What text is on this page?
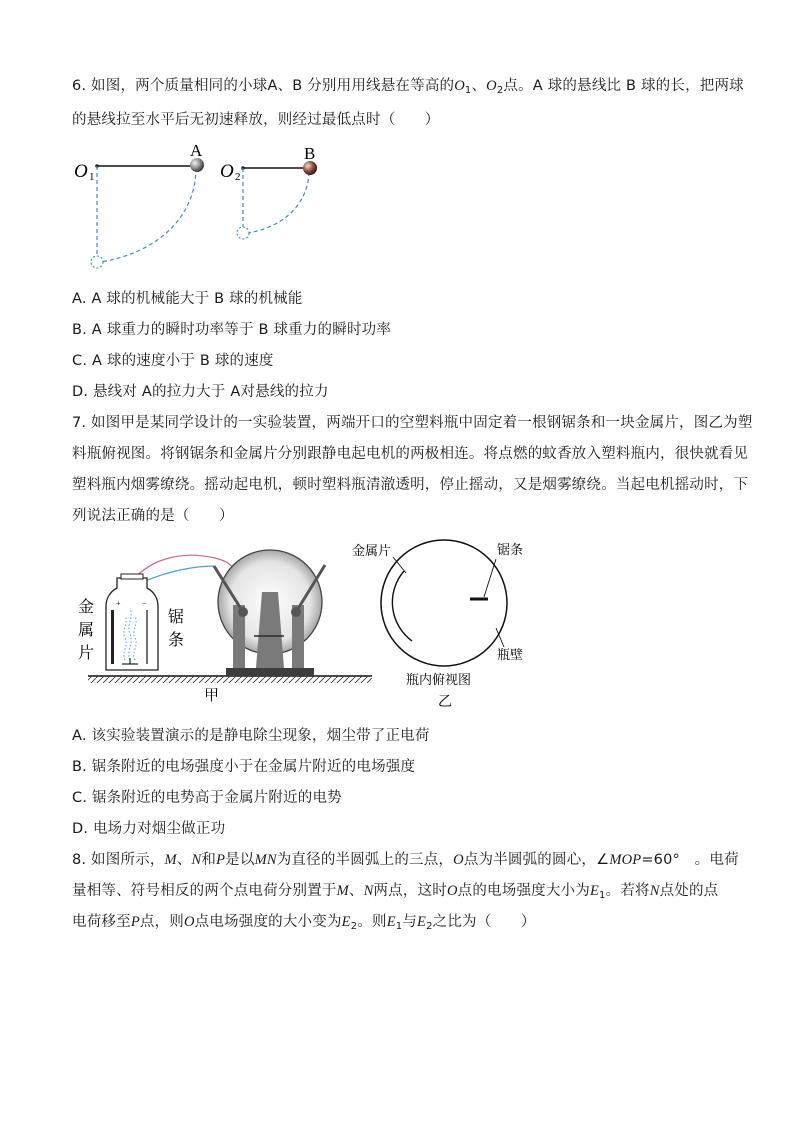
6. 如图，两个质量相同的小球A、B 分别用用线悬在等高的$O_1$、$O_2$点。A 球的悬线比 B 球的长，把两球
的悬线拉至水平后无初速释放，则经过最低点时（　　）
O 1
A
O 2
B
A. A 球的机械能大于 B 球的机械能
B. A 球重力的瞬时功率等于 B 球重力的瞬时功率
C. A 球的速度小于 B 球的速度
D. 悬线对 A的拉力大于 A对悬线的拉力
7. 如图甲是某同学设计的一实验装置，两端开口的空塑料瓶中固定着一根钢锯条和一块金属片，图乙为塑
料瓶俯视图。将钢锯条和金属片分别跟静电起电机的两极相连。将点燃的蚊香放入塑料瓶内，很快就看见
塑料瓶内烟雾缭绕。摇动起电机，顿时塑料瓶清澈透明，停止摇动，又是烟雾缭绕。当起电机摇动时，下
列说法正确的是（　　）
+	−
金
属
片
锯
条
甲
金属片	锯条
瓶壁
瓶内俯视图
乙
A. 该实验装置演示的是静电除尘现象，烟尘带了正电荷
B. 锯条附近的电场强度小于在金属片附近的电场强度
C. 锯条附近的电势高于金属片附近的电势
D. 电场力对烟尘做正功
8. 如图所示，M、N和P是以MN为直径的半圆弧上的三点，O点为半圆弧的圆心，∠MOP=60°　。电荷
量相等、符号相反的两个点电荷分别置于M、N两点，这时O点的电场强度大小为$E_1$。若将N点处的点
电荷移至P点，则O点电场强度的大小变为$E_2$。则$E_1$与$E_2$之比为（　　）
